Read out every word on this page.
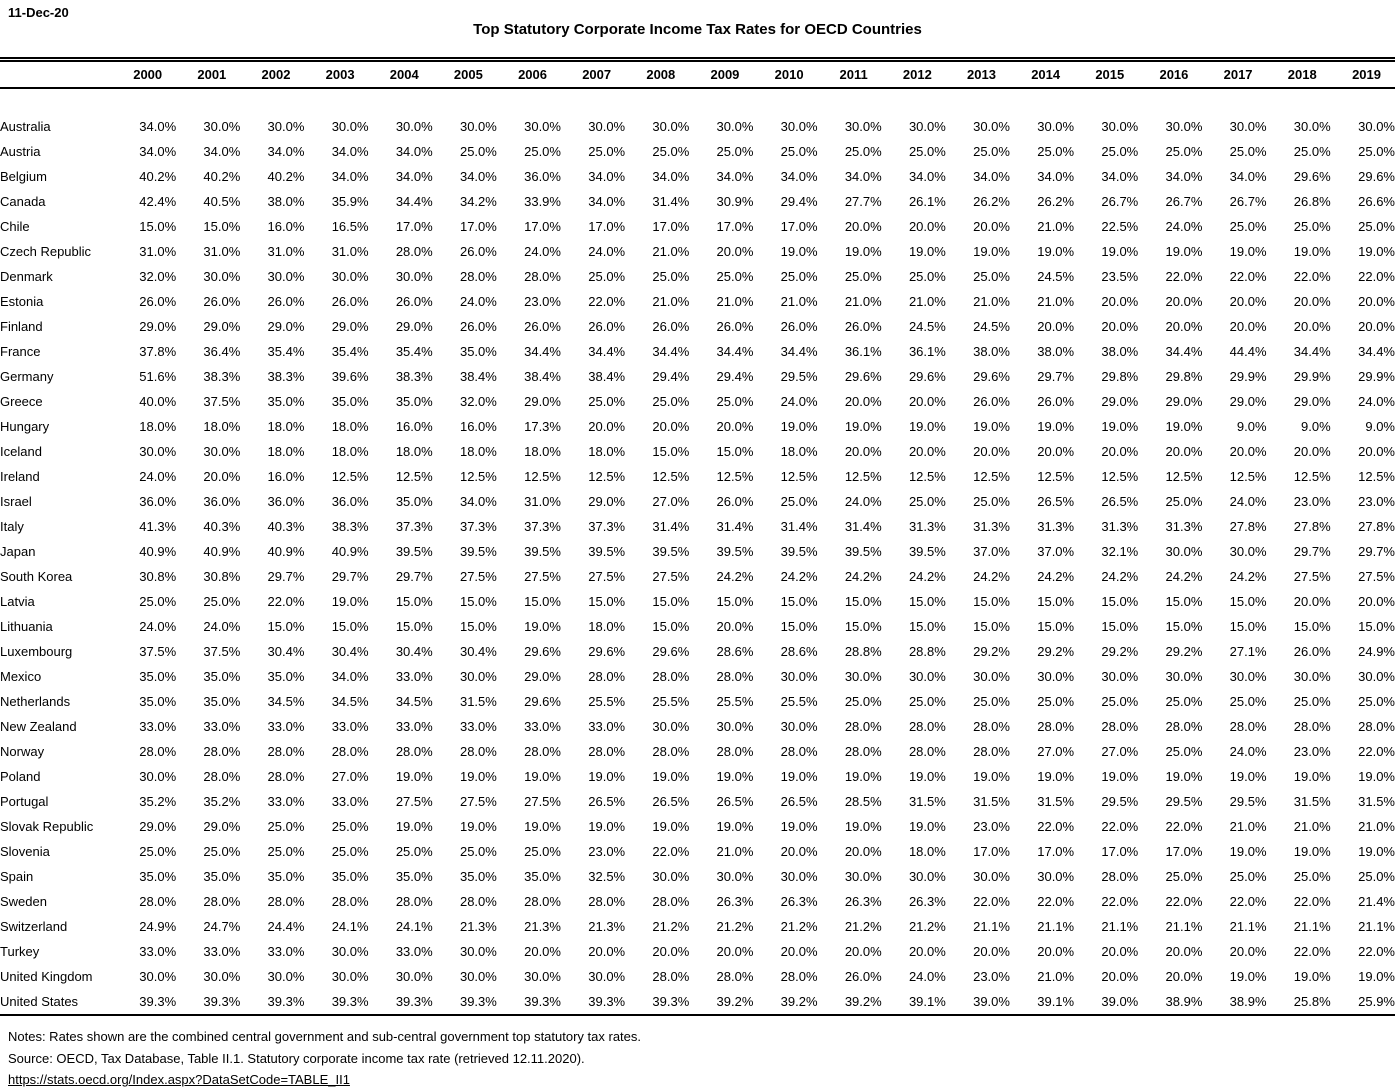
11-Dec-20
Top Statutory Corporate Income Tax Rates for OECD Countries
	2000	2001	2002	2003	2004	2005	2006	2007	2008	2009	2010	2011	2012	2013	2014	2015	2016	2017	2018	2019

Australia	34.0%	30.0%	30.0%	30.0%	30.0%	30.0%	30.0%	30.0%	30.0%	30.0%	30.0%	30.0%	30.0%	30.0%	30.0%	30.0%	30.0%	30.0%	30.0%	30.0%
Austria	34.0%	34.0%	34.0%	34.0%	34.0%	25.0%	25.0%	25.0%	25.0%	25.0%	25.0%	25.0%	25.0%	25.0%	25.0%	25.0%	25.0%	25.0%	25.0%	25.0%
Belgium	40.2%	40.2%	40.2%	34.0%	34.0%	34.0%	36.0%	34.0%	34.0%	34.0%	34.0%	34.0%	34.0%	34.0%	34.0%	34.0%	34.0%	34.0%	29.6%	29.6%
Canada	42.4%	40.5%	38.0%	35.9%	34.4%	34.2%	33.9%	34.0%	31.4%	30.9%	29.4%	27.7%	26.1%	26.2%	26.2%	26.7%	26.7%	26.7%	26.8%	26.6%
Chile	15.0%	15.0%	16.0%	16.5%	17.0%	17.0%	17.0%	17.0%	17.0%	17.0%	17.0%	20.0%	20.0%	20.0%	21.0%	22.5%	24.0%	25.0%	25.0%	25.0%
Czech Republic	31.0%	31.0%	31.0%	31.0%	28.0%	26.0%	24.0%	24.0%	21.0%	20.0%	19.0%	19.0%	19.0%	19.0%	19.0%	19.0%	19.0%	19.0%	19.0%	19.0%
Denmark	32.0%	30.0%	30.0%	30.0%	30.0%	28.0%	28.0%	25.0%	25.0%	25.0%	25.0%	25.0%	25.0%	25.0%	24.5%	23.5%	22.0%	22.0%	22.0%	22.0%
Estonia	26.0%	26.0%	26.0%	26.0%	26.0%	24.0%	23.0%	22.0%	21.0%	21.0%	21.0%	21.0%	21.0%	21.0%	21.0%	20.0%	20.0%	20.0%	20.0%	20.0%
Finland	29.0%	29.0%	29.0%	29.0%	29.0%	26.0%	26.0%	26.0%	26.0%	26.0%	26.0%	26.0%	24.5%	24.5%	20.0%	20.0%	20.0%	20.0%	20.0%	20.0%
France	37.8%	36.4%	35.4%	35.4%	35.4%	35.0%	34.4%	34.4%	34.4%	34.4%	34.4%	36.1%	36.1%	38.0%	38.0%	38.0%	34.4%	44.4%	34.4%	34.4%
Germany	51.6%	38.3%	38.3%	39.6%	38.3%	38.4%	38.4%	38.4%	29.4%	29.4%	29.5%	29.6%	29.6%	29.6%	29.7%	29.8%	29.8%	29.9%	29.9%	29.9%
Greece	40.0%	37.5%	35.0%	35.0%	35.0%	32.0%	29.0%	25.0%	25.0%	25.0%	24.0%	20.0%	20.0%	26.0%	26.0%	29.0%	29.0%	29.0%	29.0%	24.0%
Hungary	18.0%	18.0%	18.0%	18.0%	16.0%	16.0%	17.3%	20.0%	20.0%	20.0%	19.0%	19.0%	19.0%	19.0%	19.0%	19.0%	19.0%	9.0%	9.0%	9.0%
Iceland	30.0%	30.0%	18.0%	18.0%	18.0%	18.0%	18.0%	18.0%	15.0%	15.0%	18.0%	20.0%	20.0%	20.0%	20.0%	20.0%	20.0%	20.0%	20.0%	20.0%
Ireland	24.0%	20.0%	16.0%	12.5%	12.5%	12.5%	12.5%	12.5%	12.5%	12.5%	12.5%	12.5%	12.5%	12.5%	12.5%	12.5%	12.5%	12.5%	12.5%	12.5%
Israel	36.0%	36.0%	36.0%	36.0%	35.0%	34.0%	31.0%	29.0%	27.0%	26.0%	25.0%	24.0%	25.0%	25.0%	26.5%	26.5%	25.0%	24.0%	23.0%	23.0%
Italy	41.3%	40.3%	40.3%	38.3%	37.3%	37.3%	37.3%	37.3%	31.4%	31.4%	31.4%	31.4%	31.3%	31.3%	31.3%	31.3%	31.3%	27.8%	27.8%	27.8%
Japan	40.9%	40.9%	40.9%	40.9%	39.5%	39.5%	39.5%	39.5%	39.5%	39.5%	39.5%	39.5%	39.5%	37.0%	37.0%	32.1%	30.0%	30.0%	29.7%	29.7%
South Korea	30.8%	30.8%	29.7%	29.7%	29.7%	27.5%	27.5%	27.5%	27.5%	24.2%	24.2%	24.2%	24.2%	24.2%	24.2%	24.2%	24.2%	24.2%	27.5%	27.5%
Latvia	25.0%	25.0%	22.0%	19.0%	15.0%	15.0%	15.0%	15.0%	15.0%	15.0%	15.0%	15.0%	15.0%	15.0%	15.0%	15.0%	15.0%	15.0%	20.0%	20.0%
Lithuania	24.0%	24.0%	15.0%	15.0%	15.0%	15.0%	19.0%	18.0%	15.0%	20.0%	15.0%	15.0%	15.0%	15.0%	15.0%	15.0%	15.0%	15.0%	15.0%	15.0%
Luxembourg	37.5%	37.5%	30.4%	30.4%	30.4%	30.4%	29.6%	29.6%	29.6%	28.6%	28.6%	28.8%	28.8%	29.2%	29.2%	29.2%	29.2%	27.1%	26.0%	24.9%
Mexico	35.0%	35.0%	35.0%	34.0%	33.0%	30.0%	29.0%	28.0%	28.0%	28.0%	30.0%	30.0%	30.0%	30.0%	30.0%	30.0%	30.0%	30.0%	30.0%	30.0%
Netherlands	35.0%	35.0%	34.5%	34.5%	34.5%	31.5%	29.6%	25.5%	25.5%	25.5%	25.5%	25.0%	25.0%	25.0%	25.0%	25.0%	25.0%	25.0%	25.0%	25.0%
New Zealand	33.0%	33.0%	33.0%	33.0%	33.0%	33.0%	33.0%	33.0%	30.0%	30.0%	30.0%	28.0%	28.0%	28.0%	28.0%	28.0%	28.0%	28.0%	28.0%	28.0%
Norway	28.0%	28.0%	28.0%	28.0%	28.0%	28.0%	28.0%	28.0%	28.0%	28.0%	28.0%	28.0%	28.0%	28.0%	27.0%	27.0%	25.0%	24.0%	23.0%	22.0%
Poland	30.0%	28.0%	28.0%	27.0%	19.0%	19.0%	19.0%	19.0%	19.0%	19.0%	19.0%	19.0%	19.0%	19.0%	19.0%	19.0%	19.0%	19.0%	19.0%	19.0%
Portugal	35.2%	35.2%	33.0%	33.0%	27.5%	27.5%	27.5%	26.5%	26.5%	26.5%	26.5%	28.5%	31.5%	31.5%	31.5%	29.5%	29.5%	29.5%	31.5%	31.5%
Slovak Republic	29.0%	29.0%	25.0%	25.0%	19.0%	19.0%	19.0%	19.0%	19.0%	19.0%	19.0%	19.0%	19.0%	23.0%	22.0%	22.0%	22.0%	21.0%	21.0%	21.0%
Slovenia	25.0%	25.0%	25.0%	25.0%	25.0%	25.0%	25.0%	23.0%	22.0%	21.0%	20.0%	20.0%	18.0%	17.0%	17.0%	17.0%	17.0%	19.0%	19.0%	19.0%
Spain	35.0%	35.0%	35.0%	35.0%	35.0%	35.0%	35.0%	32.5%	30.0%	30.0%	30.0%	30.0%	30.0%	30.0%	30.0%	28.0%	25.0%	25.0%	25.0%	25.0%
Sweden	28.0%	28.0%	28.0%	28.0%	28.0%	28.0%	28.0%	28.0%	28.0%	26.3%	26.3%	26.3%	26.3%	22.0%	22.0%	22.0%	22.0%	22.0%	22.0%	21.4%
Switzerland	24.9%	24.7%	24.4%	24.1%	24.1%	21.3%	21.3%	21.3%	21.2%	21.2%	21.2%	21.2%	21.2%	21.1%	21.1%	21.1%	21.1%	21.1%	21.1%	21.1%
Turkey	33.0%	33.0%	33.0%	30.0%	33.0%	30.0%	20.0%	20.0%	20.0%	20.0%	20.0%	20.0%	20.0%	20.0%	20.0%	20.0%	20.0%	20.0%	22.0%	22.0%
United Kingdom	30.0%	30.0%	30.0%	30.0%	30.0%	30.0%	30.0%	30.0%	28.0%	28.0%	28.0%	26.0%	24.0%	23.0%	21.0%	20.0%	20.0%	19.0%	19.0%	19.0%
United States	39.3%	39.3%	39.3%	39.3%	39.3%	39.3%	39.3%	39.3%	39.3%	39.2%	39.2%	39.2%	39.1%	39.0%	39.1%	39.0%	38.9%	38.9%	25.8%	25.9%
Notes: Rates shown are the combined central government and sub-central government top statutory tax rates.
Source: OECD, Tax Database, Table II.1. Statutory corporate income tax rate (retrieved 12.11.2020).
https://stats.oecd.org/Index.aspx?DataSetCode=TABLE_II1
